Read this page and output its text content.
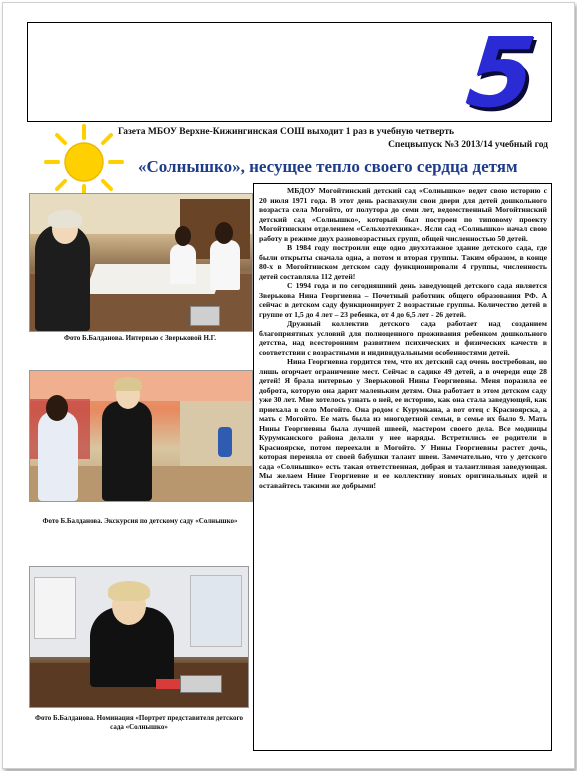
5
Газета МБОУ Верхне-Кижингинская СОШ выходит 1 раз в учебную четверть
Спецвыпуск №3 2013/14 учебный год
«Солнышко», несущее тепло своего сердца детям
Фото Б.Балдановa. Интервью с Зверьковой Н.Г.
Фото Б.Балдановa. Экскурсия по детскому саду «Солнышко»
Фото Б.Балдановa. Номинация «Портрет представителя детского сада «Солнышко»

МБДОУ Могойтинский детский сад «Солнышко» ведет свою историю с 20 июля 1971 года. В этот день распахнули свои двери для детей дошкольного возраста села Могойто, от полутора до семи лет, ведомственный Могойтинский детский сад «Солнышко», который был построен по типовому проекту Могойтинским отделением «Сельхозтехника». Ясли сад «Солнышко» начал свою работу в режиме двух разновозрастных групп, общей численностью 50 детей.

В 1984 году построили еще одно двухэтажное здание детского сада, где были открыты сначала одна, а потом и вторая группы. Таким образом, в конце 80-х в Могойтинском детском саду функционировали 4 группы, численность детей составляла 112 детей!

С 1994 года и по сегодняшний день заведующей детского сада является Зверькова Нина Георгиевна – Почетный работник общего образования РФ. А сейчас в детском саду функционирует 2 возрастные группы. Количество детей в группе от 1,5 до 4 лет – 23 ребенка, от 4 до 6,5 лет - 26 детей.

Дружный коллектив детского сада работает над созданием благоприятных условий для полноценного проживания ребенком дошкольного детства, над всесторонним развитием психических и физических качеств в соответствии с возрастными и индивидуальными особенностями детей.

Нина Георгиевна гордится тем, что их детский сад очень востребован, но лишь огорчает ограничение мест. Сейчас в садике 49 детей, а в очереди еще 28 детей! Я брала интервью у Зверьковой Нины Георгиевны. Меня поразила ее доброта, которую она дарит маленьким детям. Она работает в этом детском саду уже 30 лет. Мне хотелось узнать о ней, ее историю, как она стала заведующей, как приехала в село Могойто. Она родом с Курумкана, а вот отец с Красноярска, а мать с Могойто. Ее мать была из многодетной семьи, в семье их было 9. Мать Нины Георгиевны была лучшей швеей, мастером своего дела. Все модницы Курумканского района делали у нее наряды. Встретились ее родители в Красноярске, потом переехали в Могойто. У Нины Георгиевны растет дочь, которая переняла от своей бабушки талант швеи. Замечательно, что у детского сада «Солнышко» есть такая ответственная, добрая и талантливая заведующая. Мы желаем Нине Георгиевне и ее коллективу новых оригинальных идей и оставайтесь такими же добрыми!
